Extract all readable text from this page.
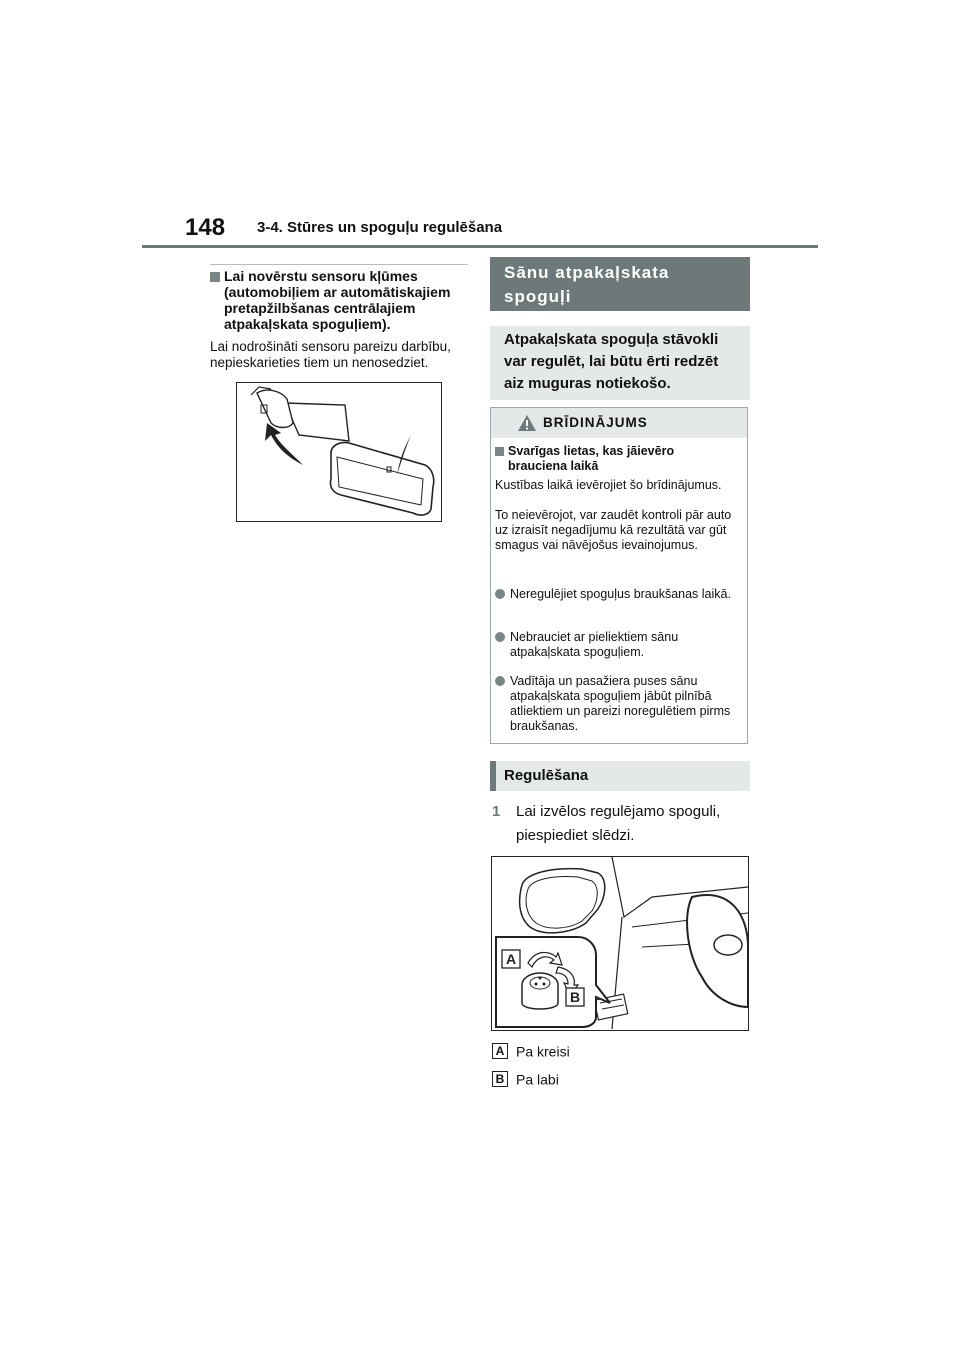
148 3-4. Stūres un spoguļu regulēšana
Lai novērstu sensoru kļūmes (automobiļiem ar automātiskajiem pretapžilbšanas centrālajiem atpakaļskata spoguļiem).
Lai nodrošināti sensoru pareizu darbību, nepieskarieties tiem un nenosedziet.
Sānu atpakaļskata spoguļi
Atpakaļskata spoguļa stāvokli var regulēt, lai būtu ērti redzēt aiz muguras notiekošo.
BRĪDINĀJUMS
Svarīgas lietas, kas jāievēro brauciena laikā
Kustības laikā ievērojiet šo brīdinājumus.
To neievērojot, var zaudēt kontroli pār auto uz izraisīt negadījumu kā rezultātā var gūt smagus vai nāvējošus ievainojumus.
Neregulējiet spoguļus braukšanas laikā.
Nebrauciet ar pieliektiem sānu atpakaļskata spoguļiem.
Vadītāja un pasažiera puses sānu atpakaļskata spoguļiem jābūt pilnībā atliektiem un pareizi noregulētiem pirms braukšanas.
Regulēšana
1 Lai izvēlos regulējamo spoguli, piespiediet slēdzi.
A
B
A Pa kreisi
B Pa labi
